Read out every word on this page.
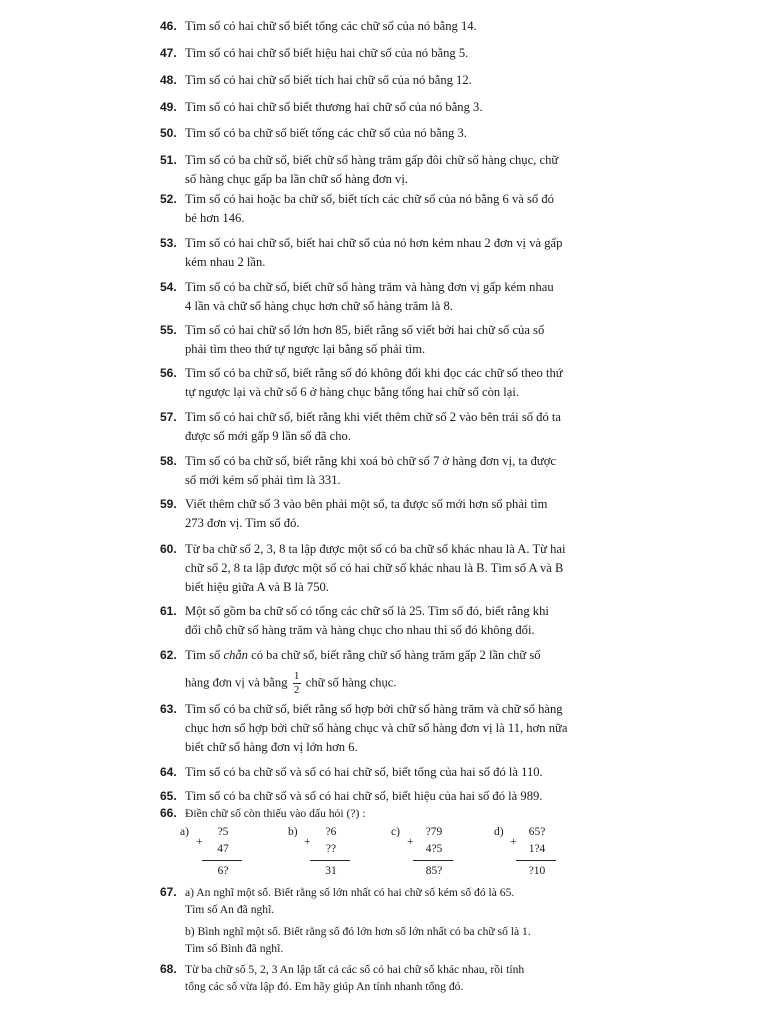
46. Tìm số có hai chữ số biết tổng các chữ số của nó bằng 14.
47. Tìm số có hai chữ số biết hiệu hai chữ số của nó bằng 5.
48. Tìm số có hai chữ số biết tích hai chữ số của nó bằng 12.
49. Tìm số có hai chữ số biết thương hai chữ số của nó bằng 3.
50. Tìm số có ba chữ số biết tổng các chữ số của nó bằng 3.
51. Tìm số có ba chữ số, biết chữ số hàng trăm gấp đôi chữ số hàng chục, chữ
số hàng chục gấp ba lần chữ số hàng đơn vị.
52. Tìm số có hai hoặc ba chữ số, biết tích các chữ số của nó bằng 6 và số đó
bé hơn 146.
53. Tìm số có hai chữ số, biết hai chữ số của nó hơn kém nhau 2 đơn vị và gấp
kém nhau 2 lần.
54. Tìm số có ba chữ số, biết chữ số hàng trăm và hàng đơn vị gấp kém nhau
4 lần và chữ số hàng chục hơn chữ số hàng trăm là 8.
55. Tìm số có hai chữ số lớn hơn 85, biết rằng số viết bởi hai chữ số của số
phải tìm theo thứ tự ngược lại bằng số phải tìm.
56. Tìm số có ba chữ số, biết rằng số đó không đổi khi đọc các chữ số theo thứ
tự ngược lại và chữ số 6 ở hàng chục bằng tổng hai chữ số còn lại.
57. Tìm số có hai chữ số, biết rằng khi viết thêm chữ số 2 vào bên trái số đó ta
được số mới gấp 9 lần số đã cho.
58. Tìm số có ba chữ số, biết rằng khi xoá bỏ chữ số 7 ở hàng đơn vị, ta được
số mới kém số phải tìm là 331.
59. Viết thêm chữ số 3 vào bên phải một số, ta được số mới hơn số phải tìm
273 đơn vị. Tìm số đó.
60. Từ ba chữ số 2, 3, 8 ta lập được một số có ba chữ số khác nhau là A. Từ hai
chữ số 2, 8 ta lập được một số có hai chữ số khác nhau là B. Tìm số A và B
biết hiệu giữa A và B là 750.
61. Một số gồm ba chữ số có tổng các chữ số là 25. Tìm số đó, biết rằng khi
đổi chỗ chữ số hàng trăm và hàng chục cho nhau thì số đó không đổi.
62. Tìm số chẵn có ba chữ số, biết rằng chữ số hàng trăm gấp 2 lần chữ số
hàng đơn vị và bằng $\frac{1}{2}$ chữ số hàng chục.
63. Tìm số có ba chữ số, biết rằng số hợp bởi chữ số hàng trăm và chữ số hàng
chục hơn số hợp bởi chữ số hàng chục và chữ số hàng đơn vị là 11, hơn nữa
biết chữ số hàng đơn vị lớn hơn 6.
64. Tìm số có ba chữ số và số có hai chữ số, biết tổng của hai số đó là 110.
65. Tìm số có ba chữ số và số có hai chữ số, biết hiệu của hai số đó là 989.
66. Điền chữ số còn thiếu vào dấu hỏi (?) :
a)
+
?5
47
6?
b)
+
?6
??
31
c)
+
?79
4?5
85?
d)
+
65?
1?4
?10
67. a) An nghĩ một số. Biết rằng số lớn nhất có hai chữ số kém số đó là 65.
Tìm số An đã nghĩ.
b) Bình nghĩ một số. Biết rằng số đó lớn hơn số lớn nhất có ba chữ số là 1.
Tìm số Bình đã nghĩ.
68. Từ ba chữ số 5, 2, 3 An lập tất cả các số có hai chữ số khác nhau, rồi tính
tổng các số vừa lập đó. Em hãy giúp An tính nhanh tổng đó.
